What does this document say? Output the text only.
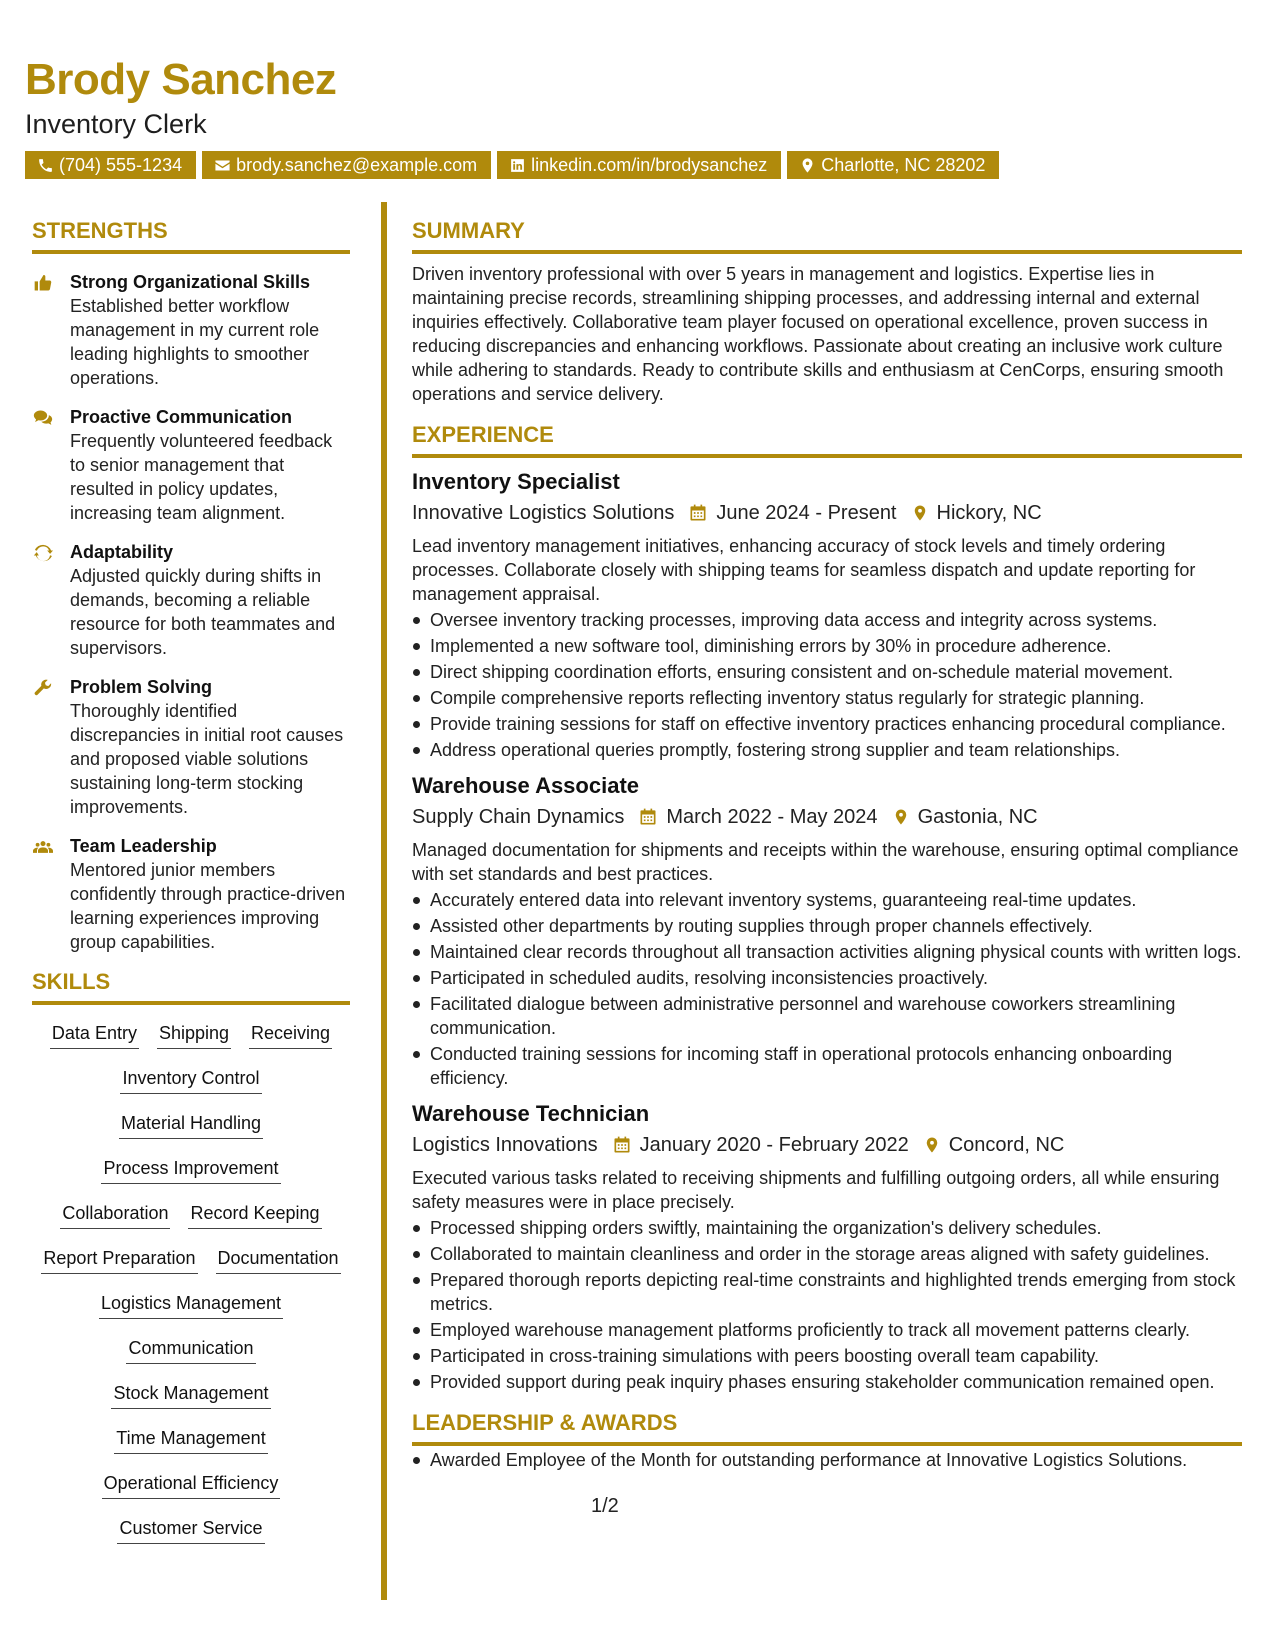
Brody Sanchez
Inventory Clerk
(704) 555-1234	brody.sanchez@example.com	linkedin.com/in/brodysanchez	Charlotte, NC 28202
STRENGTHS
Strong Organizational Skills
Established better workflow management in my current role leading highlights to smoother operations.
Proactive Communication
Frequently volunteered feedback to senior management that resulted in policy updates, increasing team alignment.
Adaptability
Adjusted quickly during shifts in demands, becoming a reliable resource for both teammates and supervisors.
Problem Solving
Thoroughly identified discrepancies in initial root causes and proposed viable solutions sustaining long-term stocking improvements.
Team Leadership
Mentored junior members confidently through practice-driven learning experiences improving group capabilities.
SKILLS
Data Entry Shipping Receiving
Inventory Control
Material Handling
Process Improvement
Collaboration Record Keeping
Report Preparation Documentation
Logistics Management
Communication
Stock Management
Time Management
Operational Efficiency
Customer Service
SUMMARY

Driven inventory professional with over 5 years in management and logistics. Expertise lies in maintaining precise records, streamlining shipping processes, and addressing internal and external inquiries effectively. Collaborative team player focused on operational excellence, proven success in reducing discrepancies and enhancing workflows. Passionate about creating an inclusive work culture while adhering to standards. Ready to contribute skills and enthusiasm at CenCorps, ensuring smooth operations and service delivery.

EXPERIENCE
Inventory Specialist
Innovative Logistics Solutions June 2024 - Present Hickory, NC
Lead inventory management initiatives, enhancing accuracy of stock levels and timely ordering processes. Collaborate closely with shipping teams for seamless dispatch and update reporting for management appraisal.
Oversee inventory tracking processes, improving data access and integrity across systems.
Implemented a new software tool, diminishing errors by 30% in procedure adherence.
Direct shipping coordination efforts, ensuring consistent and on-schedule material movement.
Compile comprehensive reports reflecting inventory status regularly for strategic planning.
Provide training sessions for staff on effective inventory practices enhancing procedural compliance.
Address operational queries promptly, fostering strong supplier and team relationships.
Warehouse Associate
Supply Chain Dynamics March 2022 - May 2024 Gastonia, NC
Managed documentation for shipments and receipts within the warehouse, ensuring optimal compliance with set standards and best practices.
Accurately entered data into relevant inventory systems, guaranteeing real-time updates.
Assisted other departments by routing supplies through proper channels effectively.
Maintained clear records throughout all transaction activities aligning physical counts with written logs.
Participated in scheduled audits, resolving inconsistencies proactively.
Facilitated dialogue between administrative personnel and warehouse coworkers streamlining communication.
Conducted training sessions for incoming staff in operational protocols enhancing onboarding efficiency.
Warehouse Technician
Logistics Innovations January 2020 - February 2022 Concord, NC
Executed various tasks related to receiving shipments and fulfilling outgoing orders, all while ensuring safety measures were in place precisely.
Processed shipping orders swiftly, maintaining the organization's delivery schedules.
Collaborated to maintain cleanliness and order in the storage areas aligned with safety guidelines.
Prepared thorough reports depicting real-time constraints and highlighted trends emerging from stock metrics.
Employed warehouse management platforms proficiently to track all movement patterns clearly.
Participated in cross-training simulations with peers boosting overall team capability.
Provided support during peak inquiry phases ensuring stakeholder communication remained open.
LEADERSHIP & AWARDS
Awarded Employee of the Month for outstanding performance at Innovative Logistics Solutions.
1/2
